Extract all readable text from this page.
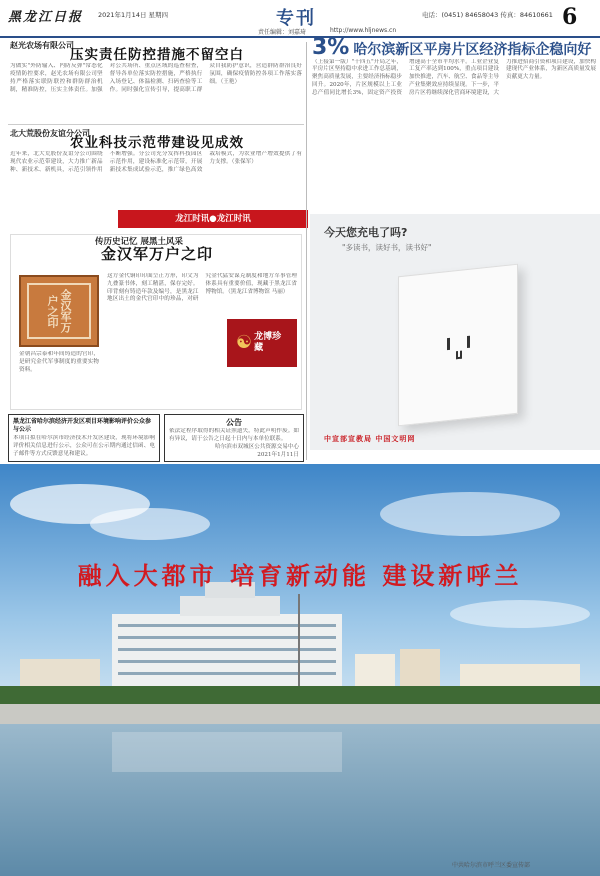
黑龙江日报 2021年1月14日 星期四	专刊
责任编辑：刘嘉琦	http://www.hljnews.cn
电话：(0451) 84658043 传真：84610661 6
赵光农场有限公司
压实责任防控措施不留空白
为做实"外防输入、内防反弹"常态化疫情防控要求，赵光农场有限公司坚持严格落实联防联控和群防群治机制，精准防控，压实主体责任。加强对公共场所、重点区域的巡查检查，督导各单位落实防控措施，严格执行入场登记、体温检测、扫码查验等工作。同时强化宣传引导，提高职工群众自我防护意识，营造群防群治良好氛围，确保疫情防控各项工作落实落细。（王艳）
北大荒股份友谊分公司
农业科技示范带建设见成效
近年来，北大荒股份友谊分公司围绕现代农业示范带建设，大力推广新品种、新技术、新机具，示范引领作用不断增强。分公司充分发挥科技园区示范作用，建设标准化示范带，开展新技术集成试验示范，推广绿色高效栽培模式，为农业增产增效提供了有力支撑。（张保军）
龙江时讯●龙江时讯
传历史记忆 展黑土风采
金汉军万户之印
金汉军万户之印
金朝昌宗泰和年间铸造的官印，是研究金代军事制度的重要实物资料。
这方金代铜印印面呈正方形，印文为九叠篆书体，刻工精湛，保存完好。印背刻有铸造年款及编号，是黑龙江地区出土的金代官印中的珍品，对研究金代猛安谋克制度和地方军事管理体系具有重要价值，现藏于黑龙江省博物馆。（黑龙江省博物馆 马丽）
☯ 龙博珍藏
黑龙江省哈尔滨经济开发区项目环境影响评价公众参与公示
本项目拟在哈尔滨市经济技术开发区建设，现将环境影响评价相关信息进行公示，公众可在公示期内通过信函、电子邮件等方式反馈意见和建议。
公告
依法定程序取得的相关证照遗失，特此声明作废。如有异议，请于公告之日起十日内与本单位联系。
哈尔滨市双城区公共资源交易中心
2021年1月11日
3% 哈尔滨新区平房片区经济指标企稳向好
（上接第一版）"十四五"开局之年，平房片区坚持稳中求进工作总基调，聚焦高质量发展，主要经济指标稳步回升。2020年，片区规模以上工业总产值同比增长3%，固定资产投资增速高于全市平均水平。工业企业复工复产率达到100%，重点项目建设加快推进，汽车、航空、食品等主导产业集聚效应持续显现。下一步，平房片区将继续深化营商环境建设，大力推进招商引资和项目建设，加快构建现代产业体系，为新区高质量发展贡献更大力量。
今天您充电了吗?
"多读书，读好书，读书好"
中宣部宣教局 中国文明网
融入大都市 培育新动能 建设新呼兰
中共哈尔滨市呼兰区委宣传部
